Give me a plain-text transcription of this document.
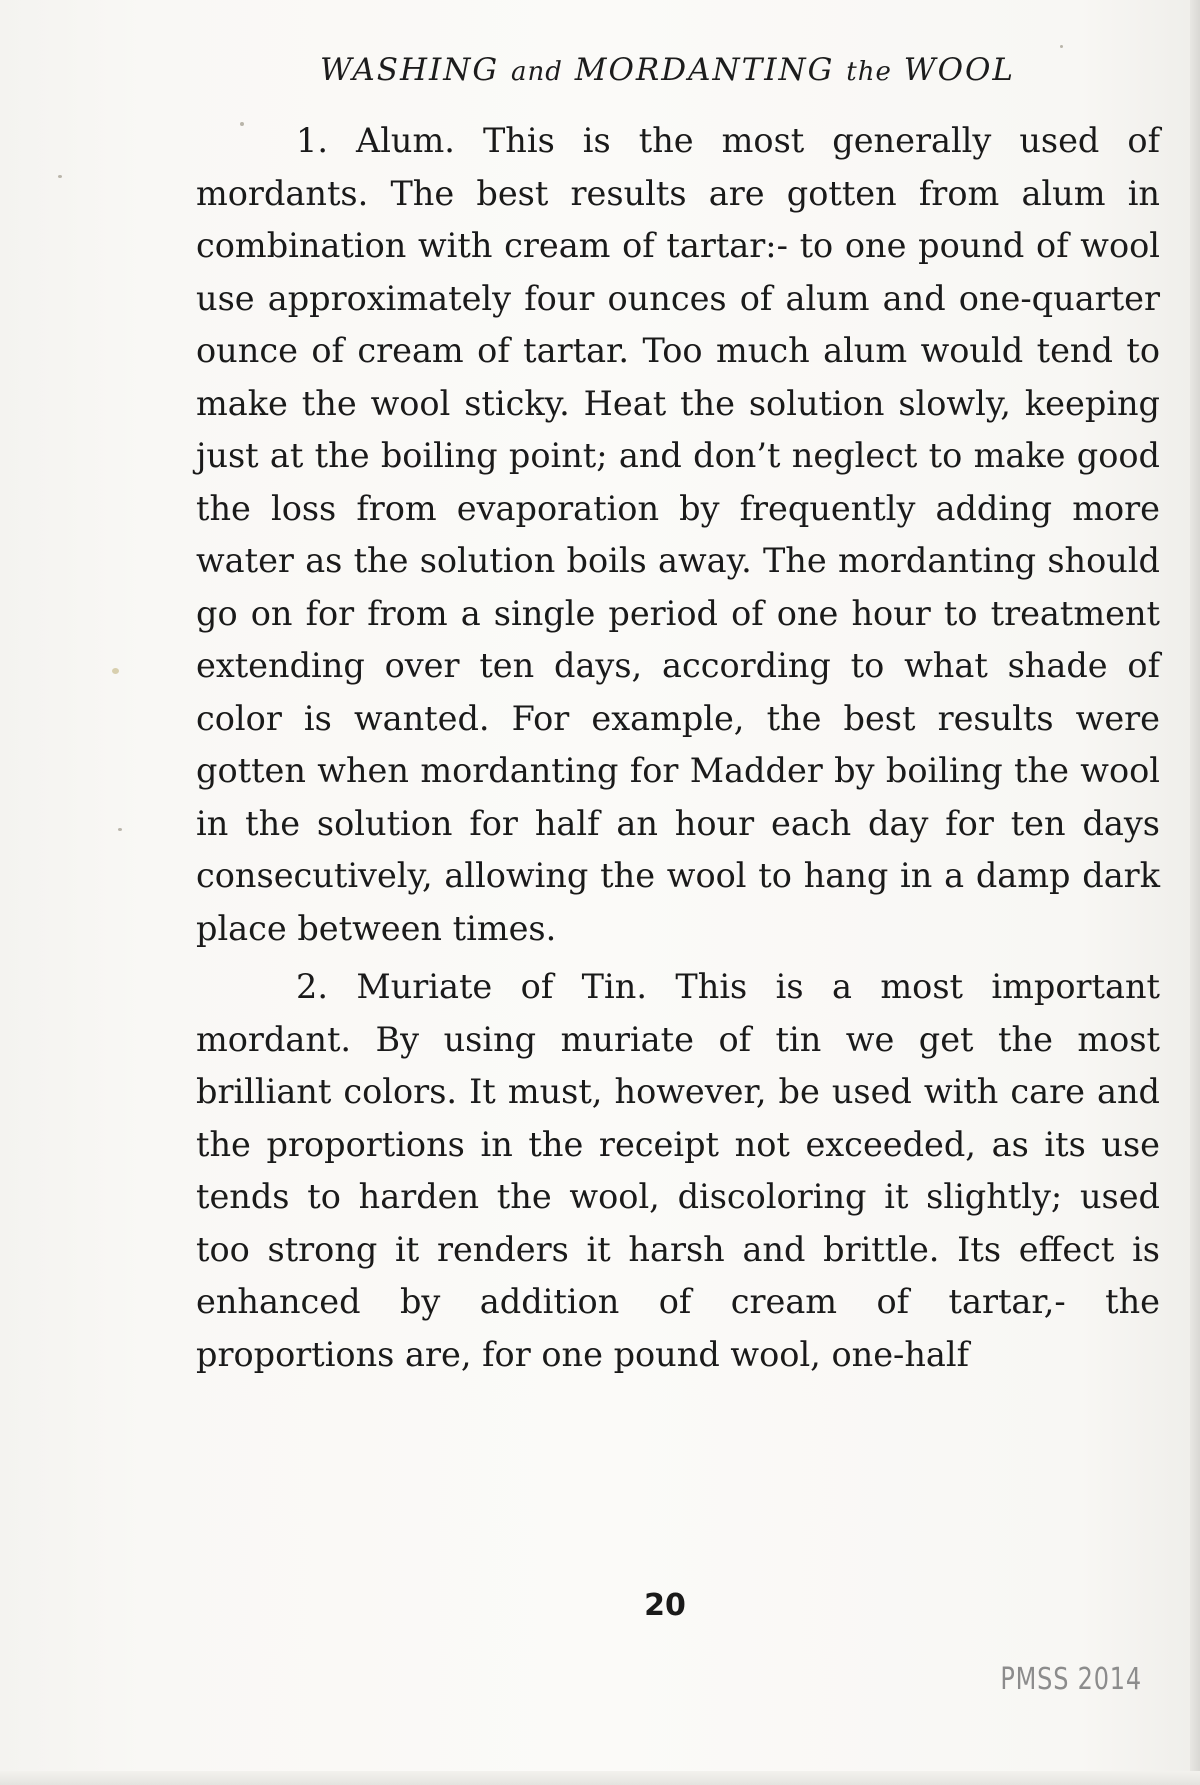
WASHING and MORDANTING the WOOL

1. Alum. This is the most generally used of mordants. The best results are gotten from alum in combination with cream of tartar:- to one pound of wool use approximately four ounces of alum and one-quarter ounce of cream of tartar. Too much alum would tend to make the wool sticky. Heat the solution slowly, keeping just at the boiling point; and don’t neglect to make good the loss from evaporation by frequently adding more water as the solution boils away. The mordanting should go on for from a single period of one hour to treatment extending over ten days, according to what shade of color is wanted. For example, the best results were gotten when mordanting for Madder by boiling the wool in the solution for half an hour each day for ten days consecutively, allowing the wool to hang in a damp dark place between times.

2. Muriate of Tin. This is a most important mordant. By using muriate of tin we get the most brilliant colors. It must, however, be used with care and the proportions in the receipt not exceeded, as its use tends to harden the wool, discoloring it slightly; used too strong it renders it harsh and brittle. Its effect is enhanced by addition of cream of tartar,- the proportions are, for one pound wool, one-half

20
PMSS 2014
